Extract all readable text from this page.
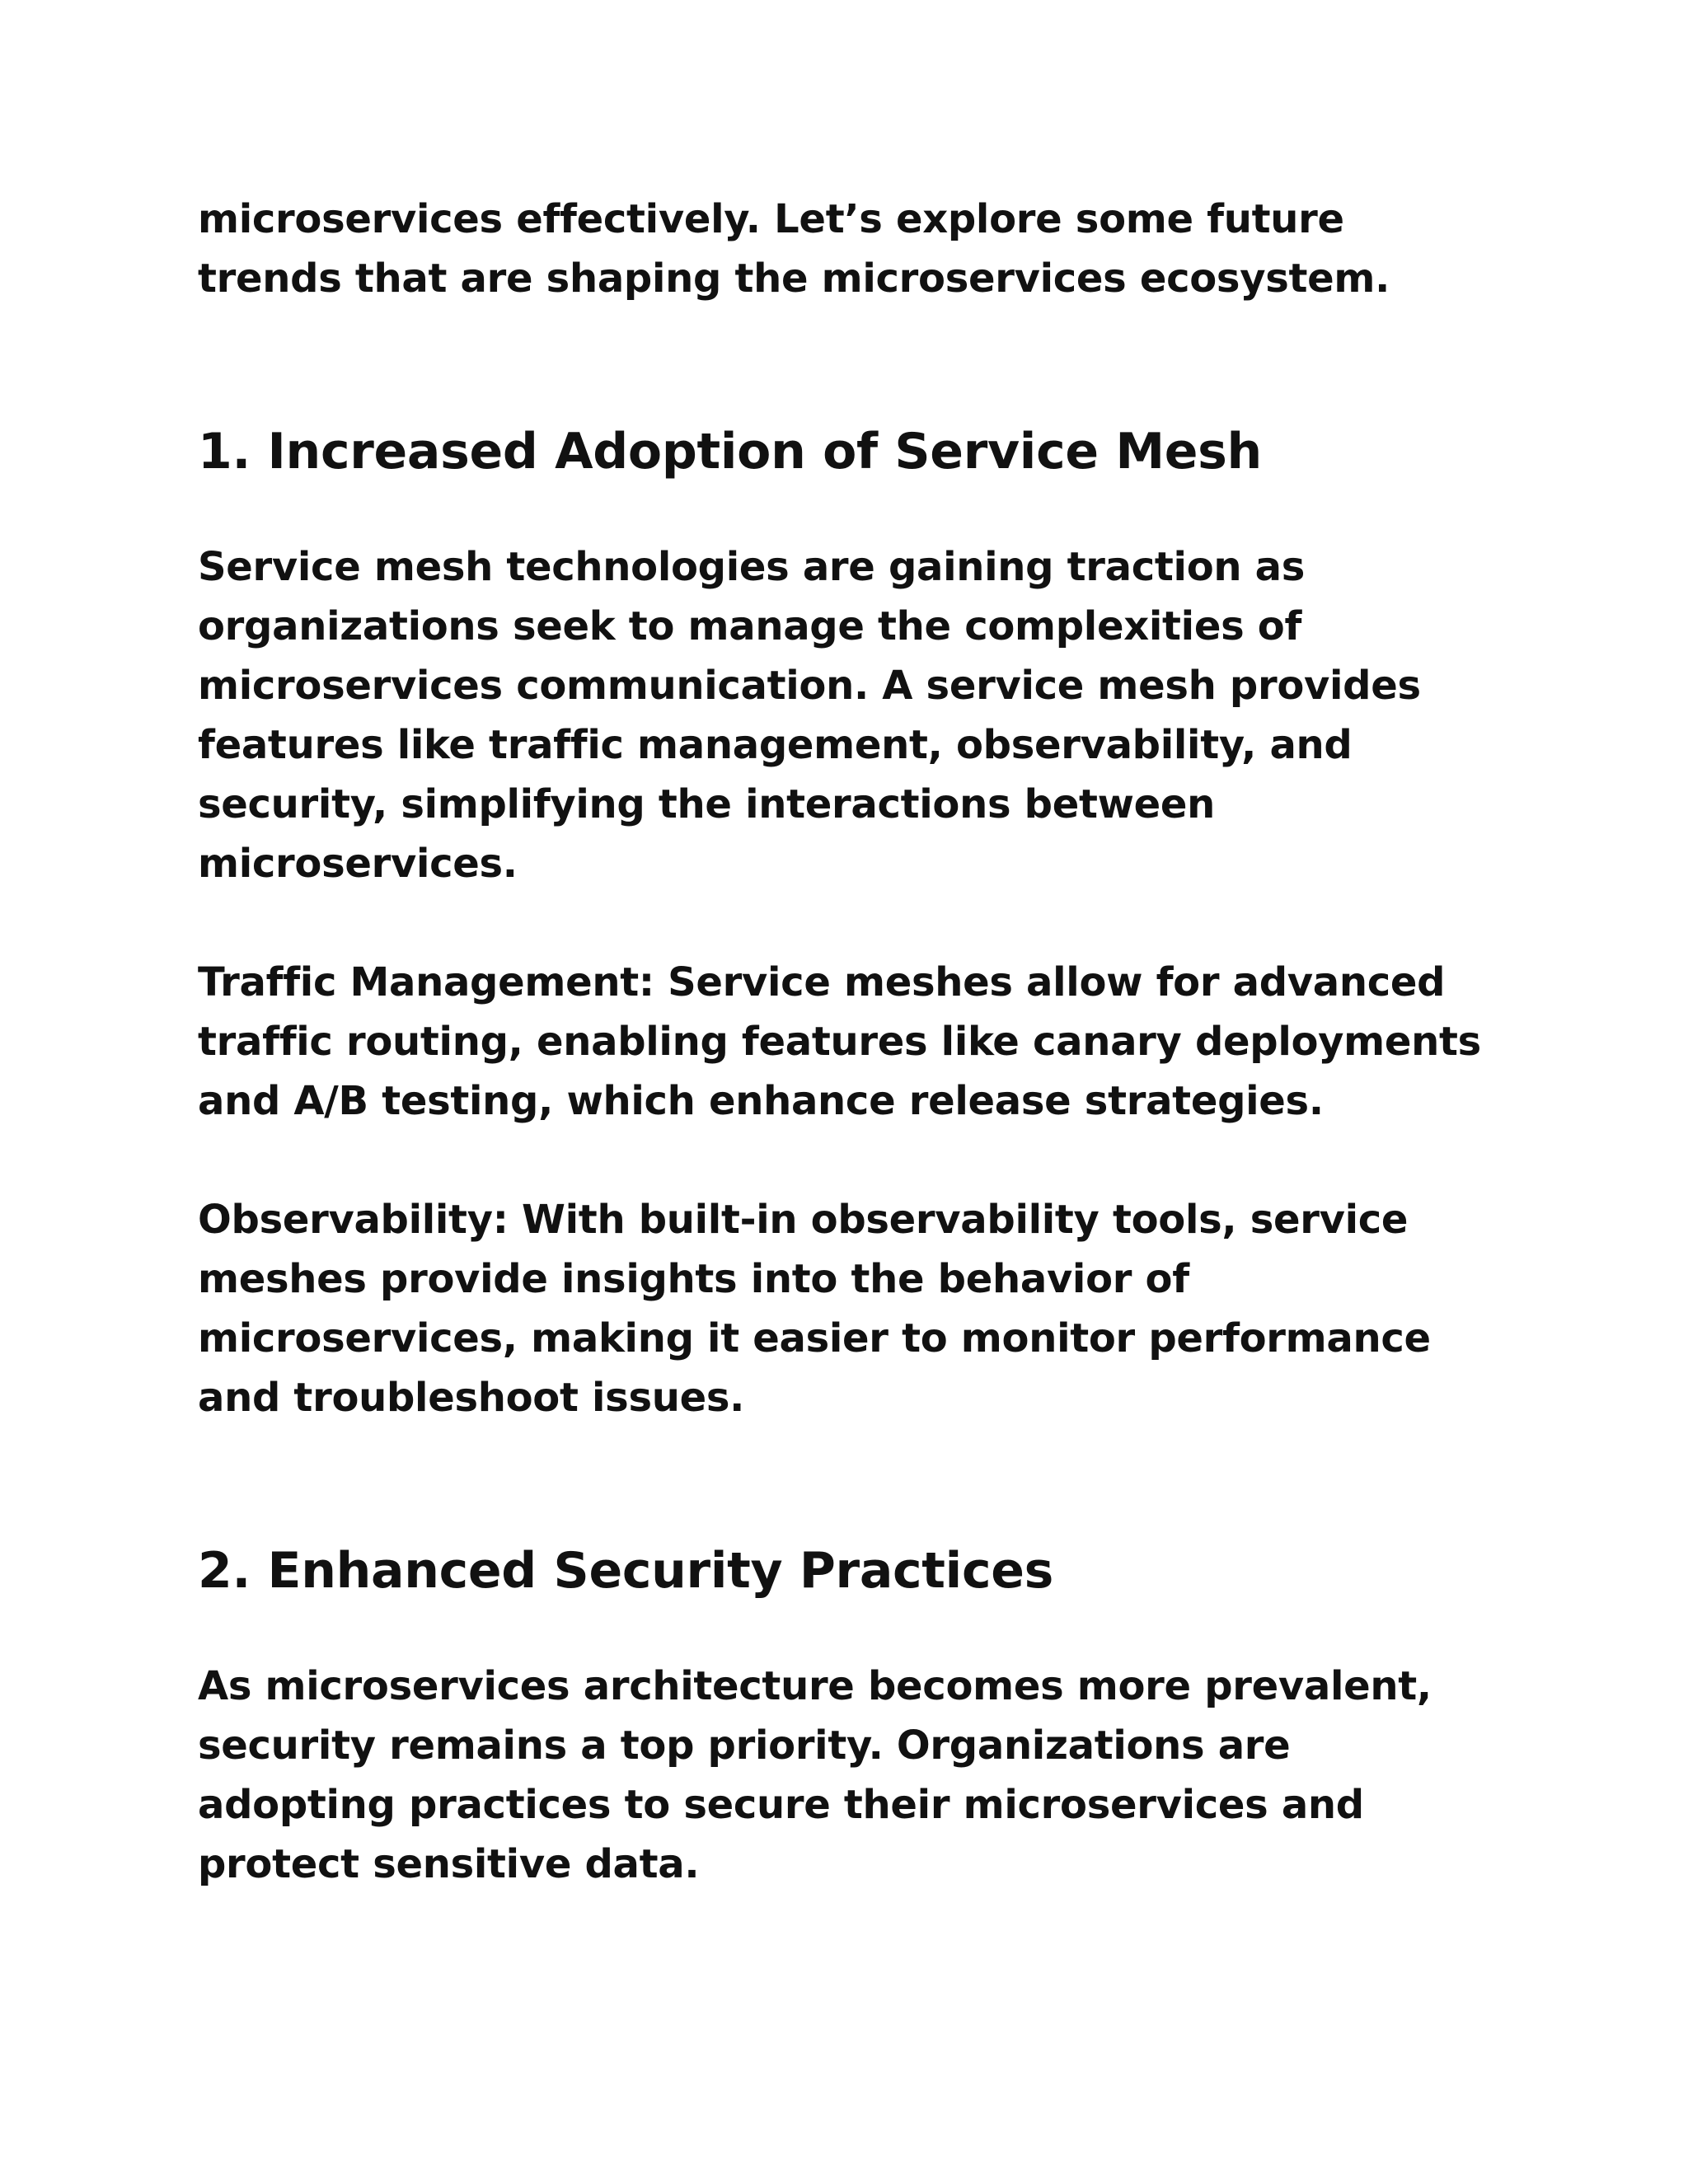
microservices effectively. Let’s explore some future trends that are shaping the microservices ecosystem.

1. Increased Adoption of Service Mesh

Service mesh technologies are gaining traction as organizations seek to manage the complexities of microservices communication. A service mesh provides features like traffic management, observability, and security, simplifying the interactions between microservices.

Traffic Management: Service meshes allow for advanced traffic routing, enabling features like canary deployments and A/B testing, which enhance release strategies.

Observability: With built-in observability tools, service meshes provide insights into the behavior of microservices, making it easier to monitor performance and troubleshoot issues.

2. Enhanced Security Practices

As microservices architecture becomes more prevalent, security remains a top priority. Organizations are adopting practices to secure their microservices and protect sensitive data.
